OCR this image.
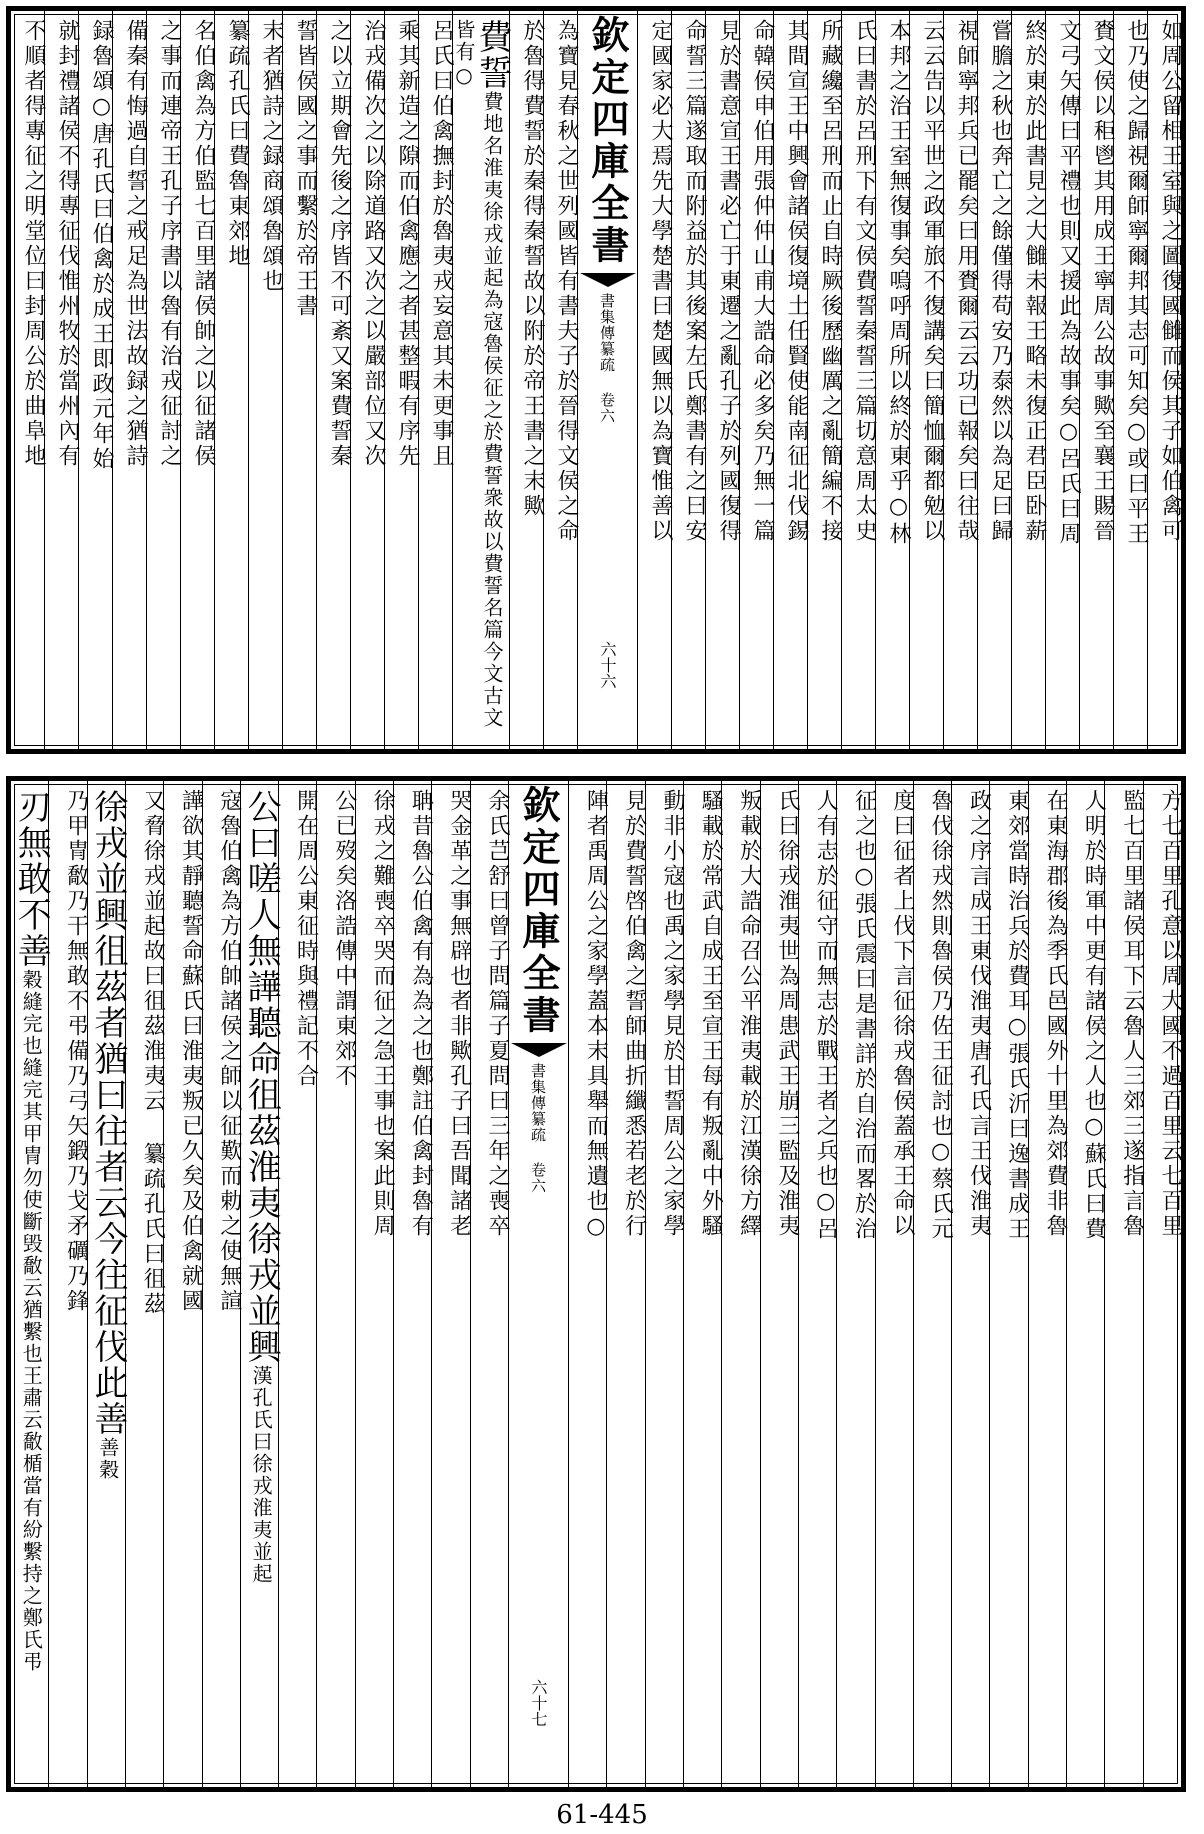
如周公留相王室與之圖復國雠而侯其子如伯禽可
也乃使之歸視爾師寧爾邦其志可知矣○或曰平王
賚文侯以秬鬯其用成王寧周公故事歟至襄王賜晉
文弓矢傳曰平禮也則又援此為故事矣○呂氏曰周
終於東於此書見之大雠未報王略未復正君臣卧薪
嘗膽之秋也奔亡之餘僅得苟安乃泰然以為足曰歸
視師寧邦兵已罷矣曰用賚爾云云功已報矣曰往哉
云云告以平世之政軍旅不復講矣曰簡恤爾都勉以
本邦之治王室無復事矣嗚呼周所以終於東乎○林
氏曰書於呂刑下有文侯費誓秦誓三篇切意周太史
所藏纔至呂刑而止自時厥後歷幽厲之亂簡編不接
其間宣王中興會諸侯復境土任賢使能南征北伐錫
命韓侯申伯用張仲仲山甫大誥命必多矣乃無一篇
見於書意宣王書必亡于東遷之亂孔子於列國復得
命誓三篇遂取而附益於其後案左氏鄭書有之曰安
定國家必大焉先大學楚書曰楚國無以為寶惟善以
欽定四庫全書
書集傳纂疏 卷六
六十六
為寶見春秋之世列國皆有書夫子於晉得文侯之命
於魯得費誓於秦得秦誓故以附於帝王書之末歟
費誓費地名淮夷徐戎並起為寇魯侯征之於費誓衆故以費誓名篇今文古文皆有○
呂氏曰伯禽撫封於魯夷戎妄意其未更事且
乘其新造之隙而伯禽應之者甚整暇有序先
治戎備次之以除道路又次之以嚴部位又次
之以立期會先後之序皆不可紊又案費誓秦
誓皆侯國之事而繫於帝王書
末者猶詩之録商頌魯頌也
纂疏孔氏曰費魯東郊地
名伯禽為方伯監七百里諸侯帥之以征諸侯
之事而連帝王孔子序書以魯有治戎征討之
備秦有悔過自誓之戒足為世法故録之猶詩
録魯頌○唐孔氏曰伯禽於成王即政元年始
就封禮諸侯不得專征伐惟州牧於當州內有
不順者得專征之明堂位曰封周公於曲阜地
方七百里孔意以周大國不過百里云七百里
監七百里諸侯耳下云魯人三郊三遂指言魯
人明於時軍中更有諸侯之人也○蘇氏曰費
在東海郡後為季氏邑國外十里為郊費非魯
東郊當時治兵於費耳○張氏沂曰逸書成王
政之序言成王東伐淮夷唐孔氏言王伐淮夷
魯伐徐戎然則魯侯乃佐王征討也○蔡氏元
度曰征者上伐下言征徐戎魯侯蓋承王命以
征之也○張氏震曰是書詳於自治而畧於治
人有志於征守而無志於戰王者之兵也○呂
氏曰徐戎淮夷世為周患武王崩三監及淮夷
叛載於大誥命召公平淮夷載於江漢徐方繹
騷載於常武自成王至宣王每有叛亂中外騷
動非小寇也禹之家學見於甘誓周公之家學
見於費誓啓伯禽之誓師曲折纖悉若老於行
陣者禹周公之家學蓋本末具舉而無遺也○
欽定四庫全書
書集傳纂疏 卷六
六十七
余氏芑舒曰曾子問篇子夏問曰三年之喪卒
哭金革之事無辟也者非歟孔子曰吾聞諸老
聃昔魯公伯禽有為為之也鄭註伯禽封魯有
徐戎之難喪卒哭而征之急王事也案此則周
公已歿矣洛誥傳中謂東郊不
開在周公東征時與禮記不合
公曰嗟人無譁聽命徂茲淮夷徐戎並興漢孔氏曰徐戎淮夷並起
寇魯伯禽為方伯帥諸侯之師以征歎而勅之使無諠
譁欲其靜聽誓命蘇氏曰淮夷叛已久矣及伯禽就國
又脅徐戎並起故曰徂茲淮夷云 纂疏孔氏曰徂茲
徐戎並興徂茲者猶曰往者云今往征伐此善善穀
乃甲冑敿乃干無敢不弔備乃弓矢鍛乃戈矛礪乃鋒
刃無敢不善穀縫完也縫完其甲冑勿使斷毁敿云猶繫也王肅云敿楯當有紛繫持之鄭氏弔
61-445
